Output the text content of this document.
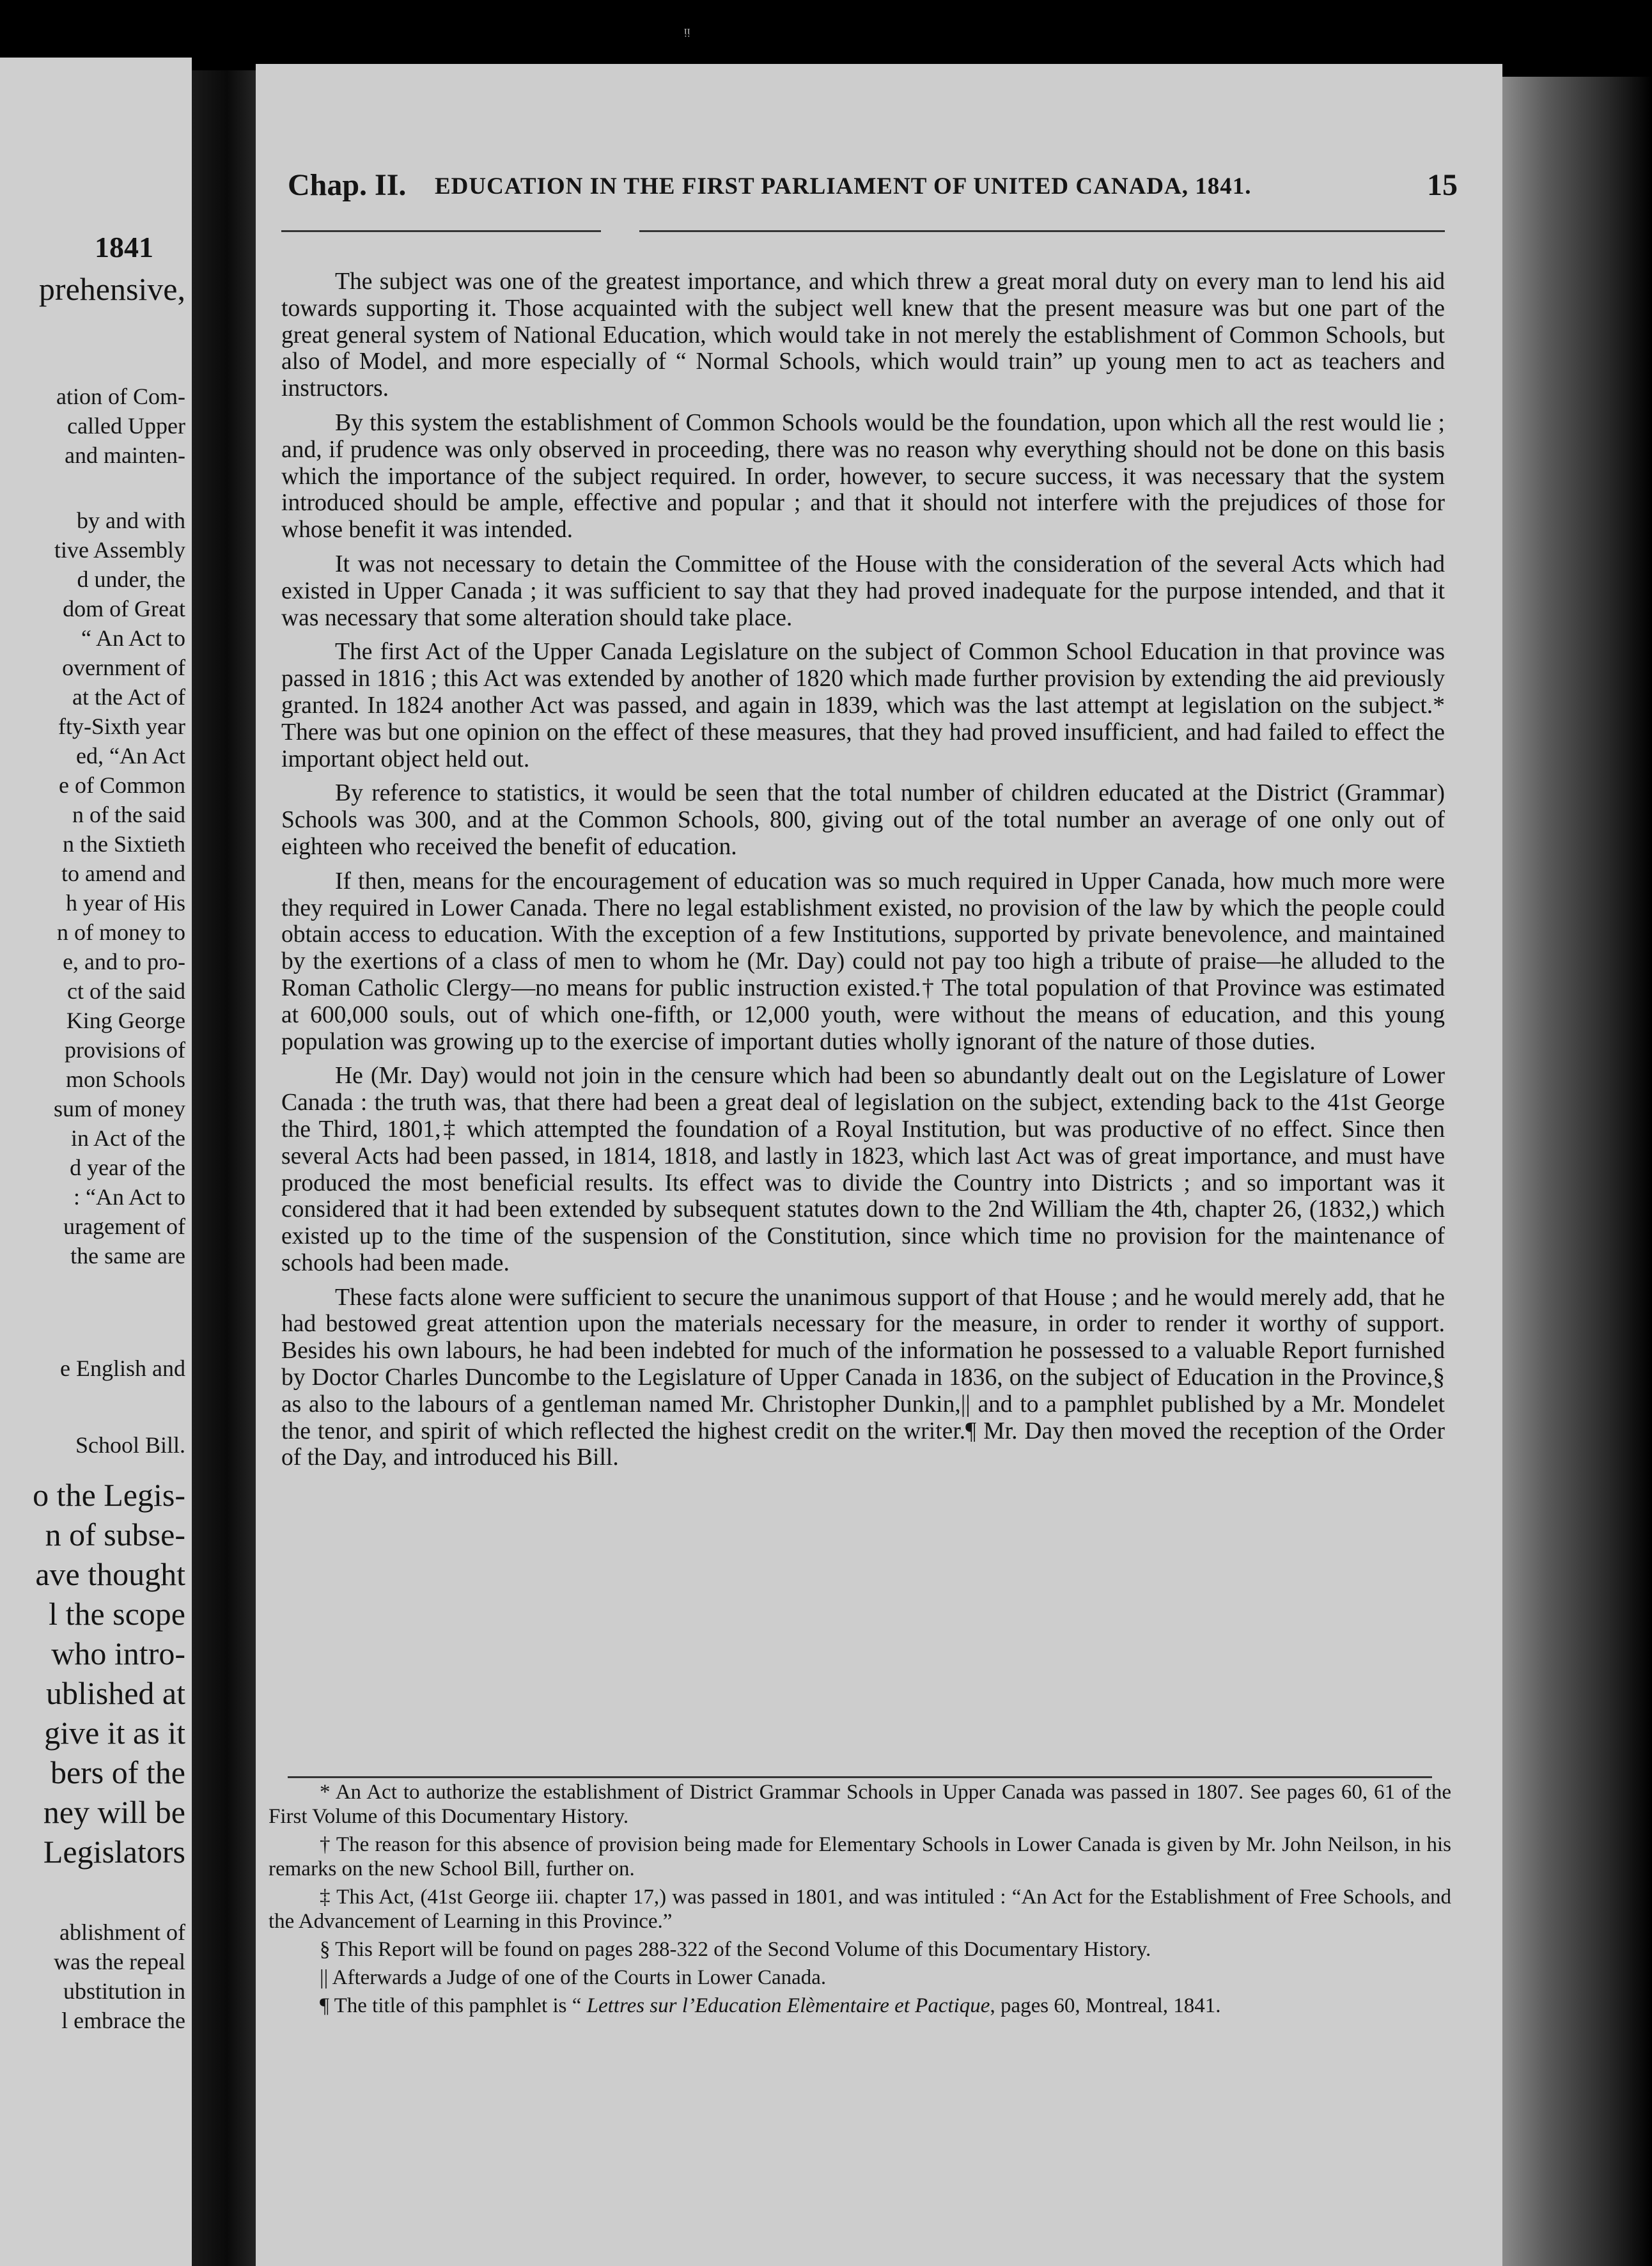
1841
prehensive,
ation of Com-
called Upper
and mainten-
by and with
tive Assembly
d under, the
dom of Great
“ An Act to
overnment of
at the Act of
fty-Sixth year
ed, “An Act
e of Common
n of the said
n the Sixtieth
to amend and
h year of His
n of money to
e, and to pro-
ct of the said
King George
provisions of
mon Schools
sum of money
in Act of the
d year of the
: “An Act to
uragement of
the same are
e English and
School Bill.
o the Legis-
n of subse-
ave thought
l the scope
who intro-
ublished at
give it as it
bers of the
ney will be
Legislators
ablishment of
was the repeal
ubstitution in
l embrace the
ᵎᵎ
Chap. II. EDUCATION IN THE FIRST PARLIAMENT OF UNITED CANADA, 1841.	15

The subject was one of the greatest importance, and which threw a great moral duty on every man to lend his aid towards supporting it. Those acquainted with the subject well knew that the present measure was but one part of the great general system of National Education, which would take in not merely the establishment of Common Schools, but also of Model, and more especially of “ Normal Schools, which would train” up young men to act as teachers and instructors.

By this system the establishment of Common Schools would be the foundation, upon which all the rest would lie ; and, if prudence was only observed in proceeding, there was no reason why everything should not be done on this basis which the importance of the subject required. In order, however, to secure success, it was necessary that the system introduced should be ample, effective and popular ; and that it should not interfere with the prejudices of those for whose benefit it was intended.

It was not necessary to detain the Committee of the House with the consideration of the several Acts which had existed in Upper Canada ; it was sufficient to say that they had proved inadequate for the purpose intended, and that it was necessary that some alteration should take place.

The first Act of the Upper Canada Legislature on the subject of Common School Education in that province was passed in 1816 ; this Act was extended by another of 1820 which made further provision by extending the aid previously granted. In 1824 another Act was passed, and again in 1839, which was the last attempt at legislation on the subject.* There was but one opinion on the effect of these measures, that they had proved insufficient, and had failed to effect the important object held out.

By reference to statistics, it would be seen that the total number of children educated at the District (Grammar) Schools was 300, and at the Common Schools, 800, giving out of the total number an average of one only out of eighteen who received the benefit of education.

If then, means for the encouragement of education was so much required in Upper Canada, how much more were they required in Lower Canada. There no legal establishment existed, no provision of the law by which the people could obtain access to education. With the exception of a few Institutions, supported by private benevolence, and maintained by the exertions of a class of men to whom he (Mr. Day) could not pay too high a tribute of praise—he alluded to the Roman Catholic Clergy—no means for public instruction existed.† The total population of that Province was estimated at 600,000 souls, out of which one-fifth, or 12,000 youth, were without the means of education, and this young population was growing up to the exercise of important duties wholly ignorant of the nature of those duties.

He (Mr. Day) would not join in the censure which had been so abundantly dealt out on the Legislature of Lower Canada : the truth was, that there had been a great deal of legislation on the subject, extending back to the 41st George the Third, 1801,‡ which attempted the foundation of a Royal Institution, but was productive of no effect. Since then several Acts had been passed, in 1814, 1818, and lastly in 1823, which last Act was of great importance, and must have produced the most beneficial results. Its effect was to divide the Country into Districts ; and so important was it considered that it had been extended by subsequent statutes down to the 2nd William the 4th, chapter 26, (1832,) which existed up to the time of the suspension of the Constitution, since which time no provision for the maintenance of schools had been made.

These facts alone were sufficient to secure the unanimous support of that House ; and he would merely add, that he had bestowed great attention upon the materials necessary for the measure, in order to render it worthy of support. Besides his own labours, he had been indebted for much of the information he possessed to a valuable Report furnished by Doctor Charles Duncombe to the Legislature of Upper Canada in 1836, on the subject of Education in the Province,§ as also to the labours of a gentleman named Mr. Christopher Dunkin,|| and to a pamphlet published by a Mr. Mondelet the tenor, and spirit of which reflected the highest credit on the writer.¶ Mr. Day then moved the reception of the Order of the Day, and introduced his Bill.

* An Act to authorize the establishment of District Grammar Schools in Upper Canada was passed in 1807. See pages 60, 61 of the First Volume of this Documentary History.

† The reason for this absence of provision being made for Elementary Schools in Lower Canada is given by Mr. John Neilson, in his remarks on the new School Bill, further on.

‡ This Act, (41st George iii. chapter 17,) was passed in 1801, and was intituled : “An Act for the Establishment of Free Schools, and the Advancement of Learning in this Province.”

§ This Report will be found on pages 288-322 of the Second Volume of this Documentary History.

|| Afterwards a Judge of one of the Courts in Lower Canada.

¶ The title of this pamphlet is “ Lettres sur l’Education Elèmentaire et Pactique, pages 60, Montreal, 1841.
